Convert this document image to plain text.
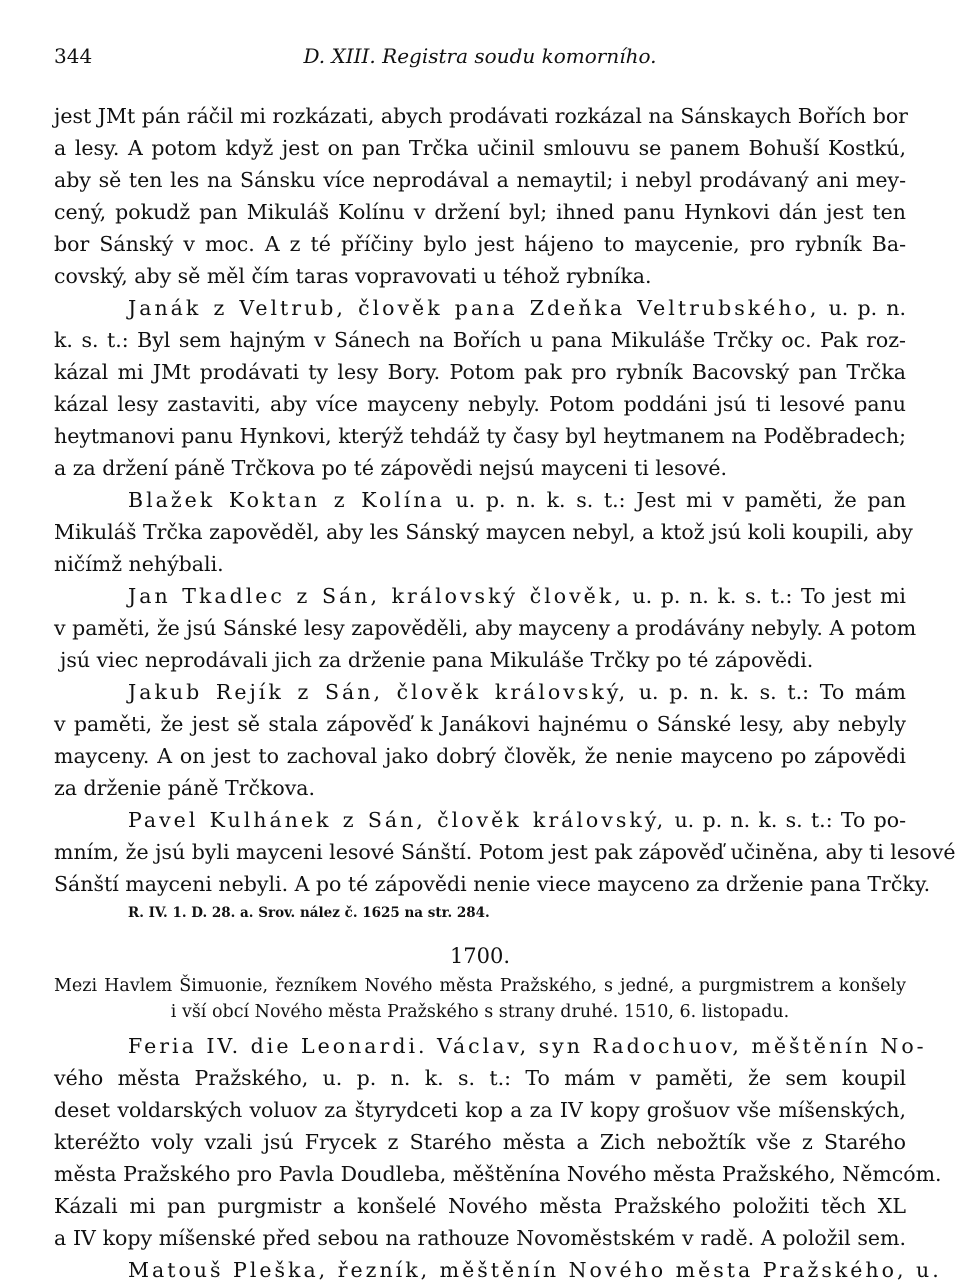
344	D. XIII. Registra soudu komorního.
jest JMt pán ráčil mi rozkázati, abych prodávati rozkázal na Sánskaych Bořích bor
a lesy. A potom když jest on pan Trčka učinil smlouvu se panem Bohuší Kostkú,
aby sě ten les na Sánsku více neprodával a nemaytil; i nebyl prodávaný ani mey-
cený, pokudž pan Mikuláš Kolínu v držení byl; ihned panu Hynkovi dán jest ten
bor Sánský v moc. A z té příčiny bylo jest hájeno to maycenie, pro rybník Ba-
covský, aby sě měl čím taras vopravovati u téhož rybníka.
Janák z Veltrub, člověk pana Zdeňka Veltrubského, u. p. n.
k. s. t.: Byl sem hajným v Sánech na Bořích u pana Mikuláše Trčky oc. Pak roz-
kázal mi JMt prodávati ty lesy Bory. Potom pak pro rybník Bacovský pan Trčka
kázal lesy zastaviti, aby více mayceny nebyly. Potom poddáni jsú ti lesové panu
heytmanovi panu Hynkovi, kterýž tehdáž ty časy byl heytmanem na Poděbradech;
a za držení páně Trčkova po té zápovědi nejsú mayceni ti lesové.
Blažek Koktan z Kolína u. p. n. k. s. t.: Jest mi v paměti, že pan
Mikuláš Trčka zapověděl, aby les Sánský maycen nebyl, a ktož jsú koli koupili, aby
ničímž nehýbali.
Jan Tkadlec z Sán, královský člověk, u. p. n. k. s. t.: To jest mi
v paměti, že jsú Sánské lesy zapověděli, aby mayceny a prodávány nebyly. A potom
jsú viec neprodávali jich za drženie pana Mikuláše Trčky po té zápovědi.
Jakub Rejík z Sán, člověk královský, u. p. n. k. s. t.: To mám
v paměti, že jest sě stala zápověď k Janákovi hajnému o Sánské lesy, aby nebyly
mayceny. A on jest to zachoval jako dobrý člověk, že nenie mayceno po zápovědi
za drženie páně Trčkova.
Pavel Kulhánek z Sán, člověk královský, u. p. n. k. s. t.: To po-
mním, že jsú byli mayceni lesové Sánští. Potom jest pak zápověď učiněna, aby ti lesové
Sánští mayceni nebyli. A po té zápovědi nenie viece mayceno za drženie pana Trčky.
R. IV. 1. D. 28. a. Srov. nález č. 1625 na str. 284.
1700.
Mezi Havlem Šimuonie, řezníkem Nového města Pražského, s jedné, a purgmistrem a konšely
i vší obcí Nového města Pražského s strany druhé. 1510, 6. listopadu.
Feria IV. die Leonardi. Václav, syn Radochuov, měštěnín No-
vého města Pražského, u. p. n. k. s. t.: To mám v paměti, že sem koupil
deset voldarských voluov za štyrydceti kop a za IV kopy grošuov vše míšenských,
kteréžto voly vzali jsú Frycek z Starého města a Zich nebožtík vše z Starého
města Pražského pro Pavla Doudleba, měštěnína Nového města Pražského, Němcóm.
Kázali mi pan purgmistr a konšelé Nového města Pražského položiti těch XL
a IV kopy míšenské před sebou na rathouze Novoměstském v radě. A položil sem.
Matouš Pleška, řezník, měštěnín Nového města Pražského, u.
